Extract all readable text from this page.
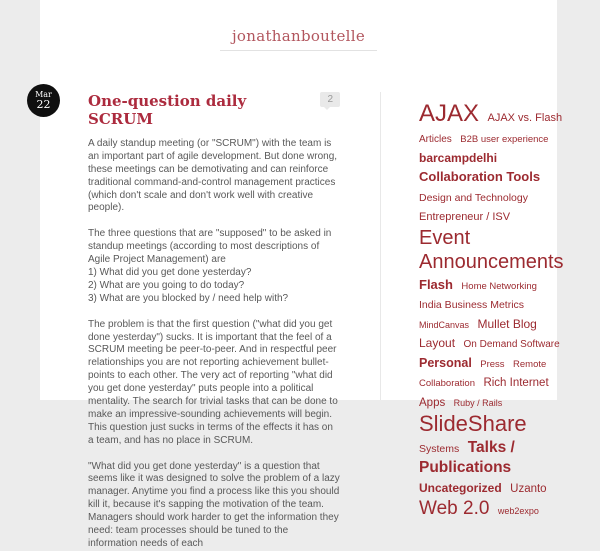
jonathanboutelle
One-question daily SCRUM
2

A daily standup meeting (or "SCRUM") with the team is an important part of agile development. But done wrong, these meetings can be demotivating and can reinforce traditional command-and-control management practices (which don't scale and don't work well with creative people).

The three questions that are "supposed" to be asked in standup meetings (according to most descriptions of Agile Project Management) are
1) What did you get done yesterday?
2) What are you going to do today?
3) What are you blocked by / need help with?

The problem is that the first question ("what did you get done yesterday") sucks. It is important that the feel of a SCRUM meeting be peer-to-peer. And in respectful peer relationships you are not reporting achievement bullet-points to each other. The very act of reporting "what did you get done yesterday" puts people into a political mentality. The search for trivial tasks that can be done to make an impressive-sounding achievements will begin. This question just sucks in terms of the effects it has on a team, and has no place in SCRUM.

"What did you get done yesterday" is a question that seems like it was designed to solve the problem of a lazy manager. Anytime you find a process like this you should kill it, because it's sapping the motivation of the team. Managers should work harder to get the information they need: team processes should be tuned to the information needs of each

AJAX AJAX vs. Flash Articles B2B user experience barcampdelhi Collaboration Tools Design and Technology Entrepreneur / ISV Event Announcements Flash Home Networking India Business Metrics MindCanvas Mullet Blog Layout On Demand Software Personal Press Remote Collaboration Rich Internet Apps Ruby / Rails SlideShare Systems Talks / Publications Uncategorized Uzanto Web 2.0 web2expo
Mar
22
